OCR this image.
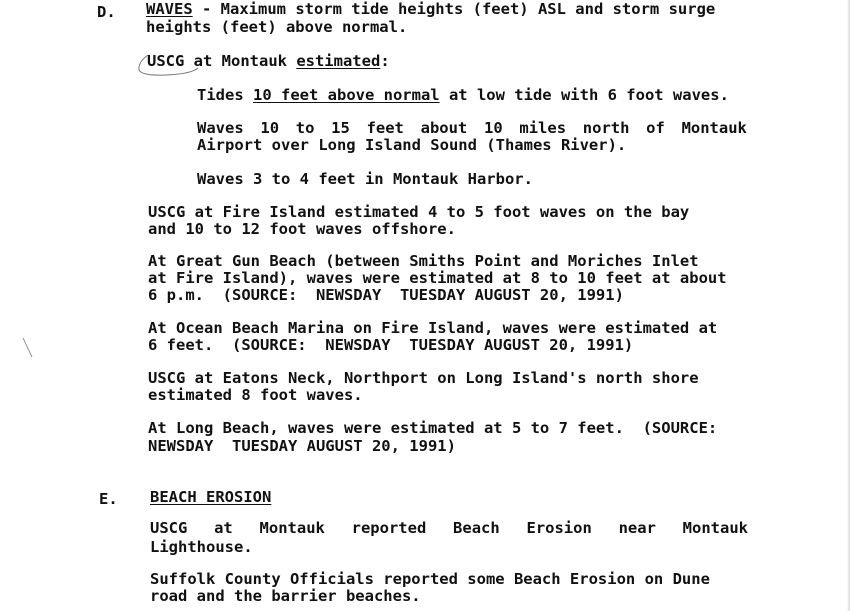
D. WAVES - Maximum storm tide heights (feet) ASL and storm surge
heights (feet) above normal.
USCG at Montauk estimated:
Tides 10 feet above normal at low tide with 6 foot waves.
Waves 10 to 15 feet about 10 miles north of Montauk
Airport over Long Island Sound (Thames River).
Waves 3 to 4 feet in Montauk Harbor.
USCG at Fire Island estimated 4 to 5 foot waves on the bay
and 10 to 12 foot waves offshore.
At Great Gun Beach (between Smiths Point and Moriches Inlet
at Fire Island), waves were estimated at 8 to 10 feet at about
6 p.m.  (SOURCE:  NEWSDAY  TUESDAY AUGUST 20, 1991)
At Ocean Beach Marina on Fire Island, waves were estimated at
6 feet.  (SOURCE:  NEWSDAY  TUESDAY AUGUST 20, 1991)
USCG at Eatons Neck, Northport on Long Island's north shore
estimated 8 foot waves.
At Long Beach, waves were estimated at 5 to 7 feet.  (SOURCE:
NEWSDAY  TUESDAY AUGUST 20, 1991)
E. BEACH EROSION
USCG at Montauk reported Beach Erosion near Montauk
Lighthouse.
Suffolk County Officials reported some Beach Erosion on Dune
road and the barrier beaches.
